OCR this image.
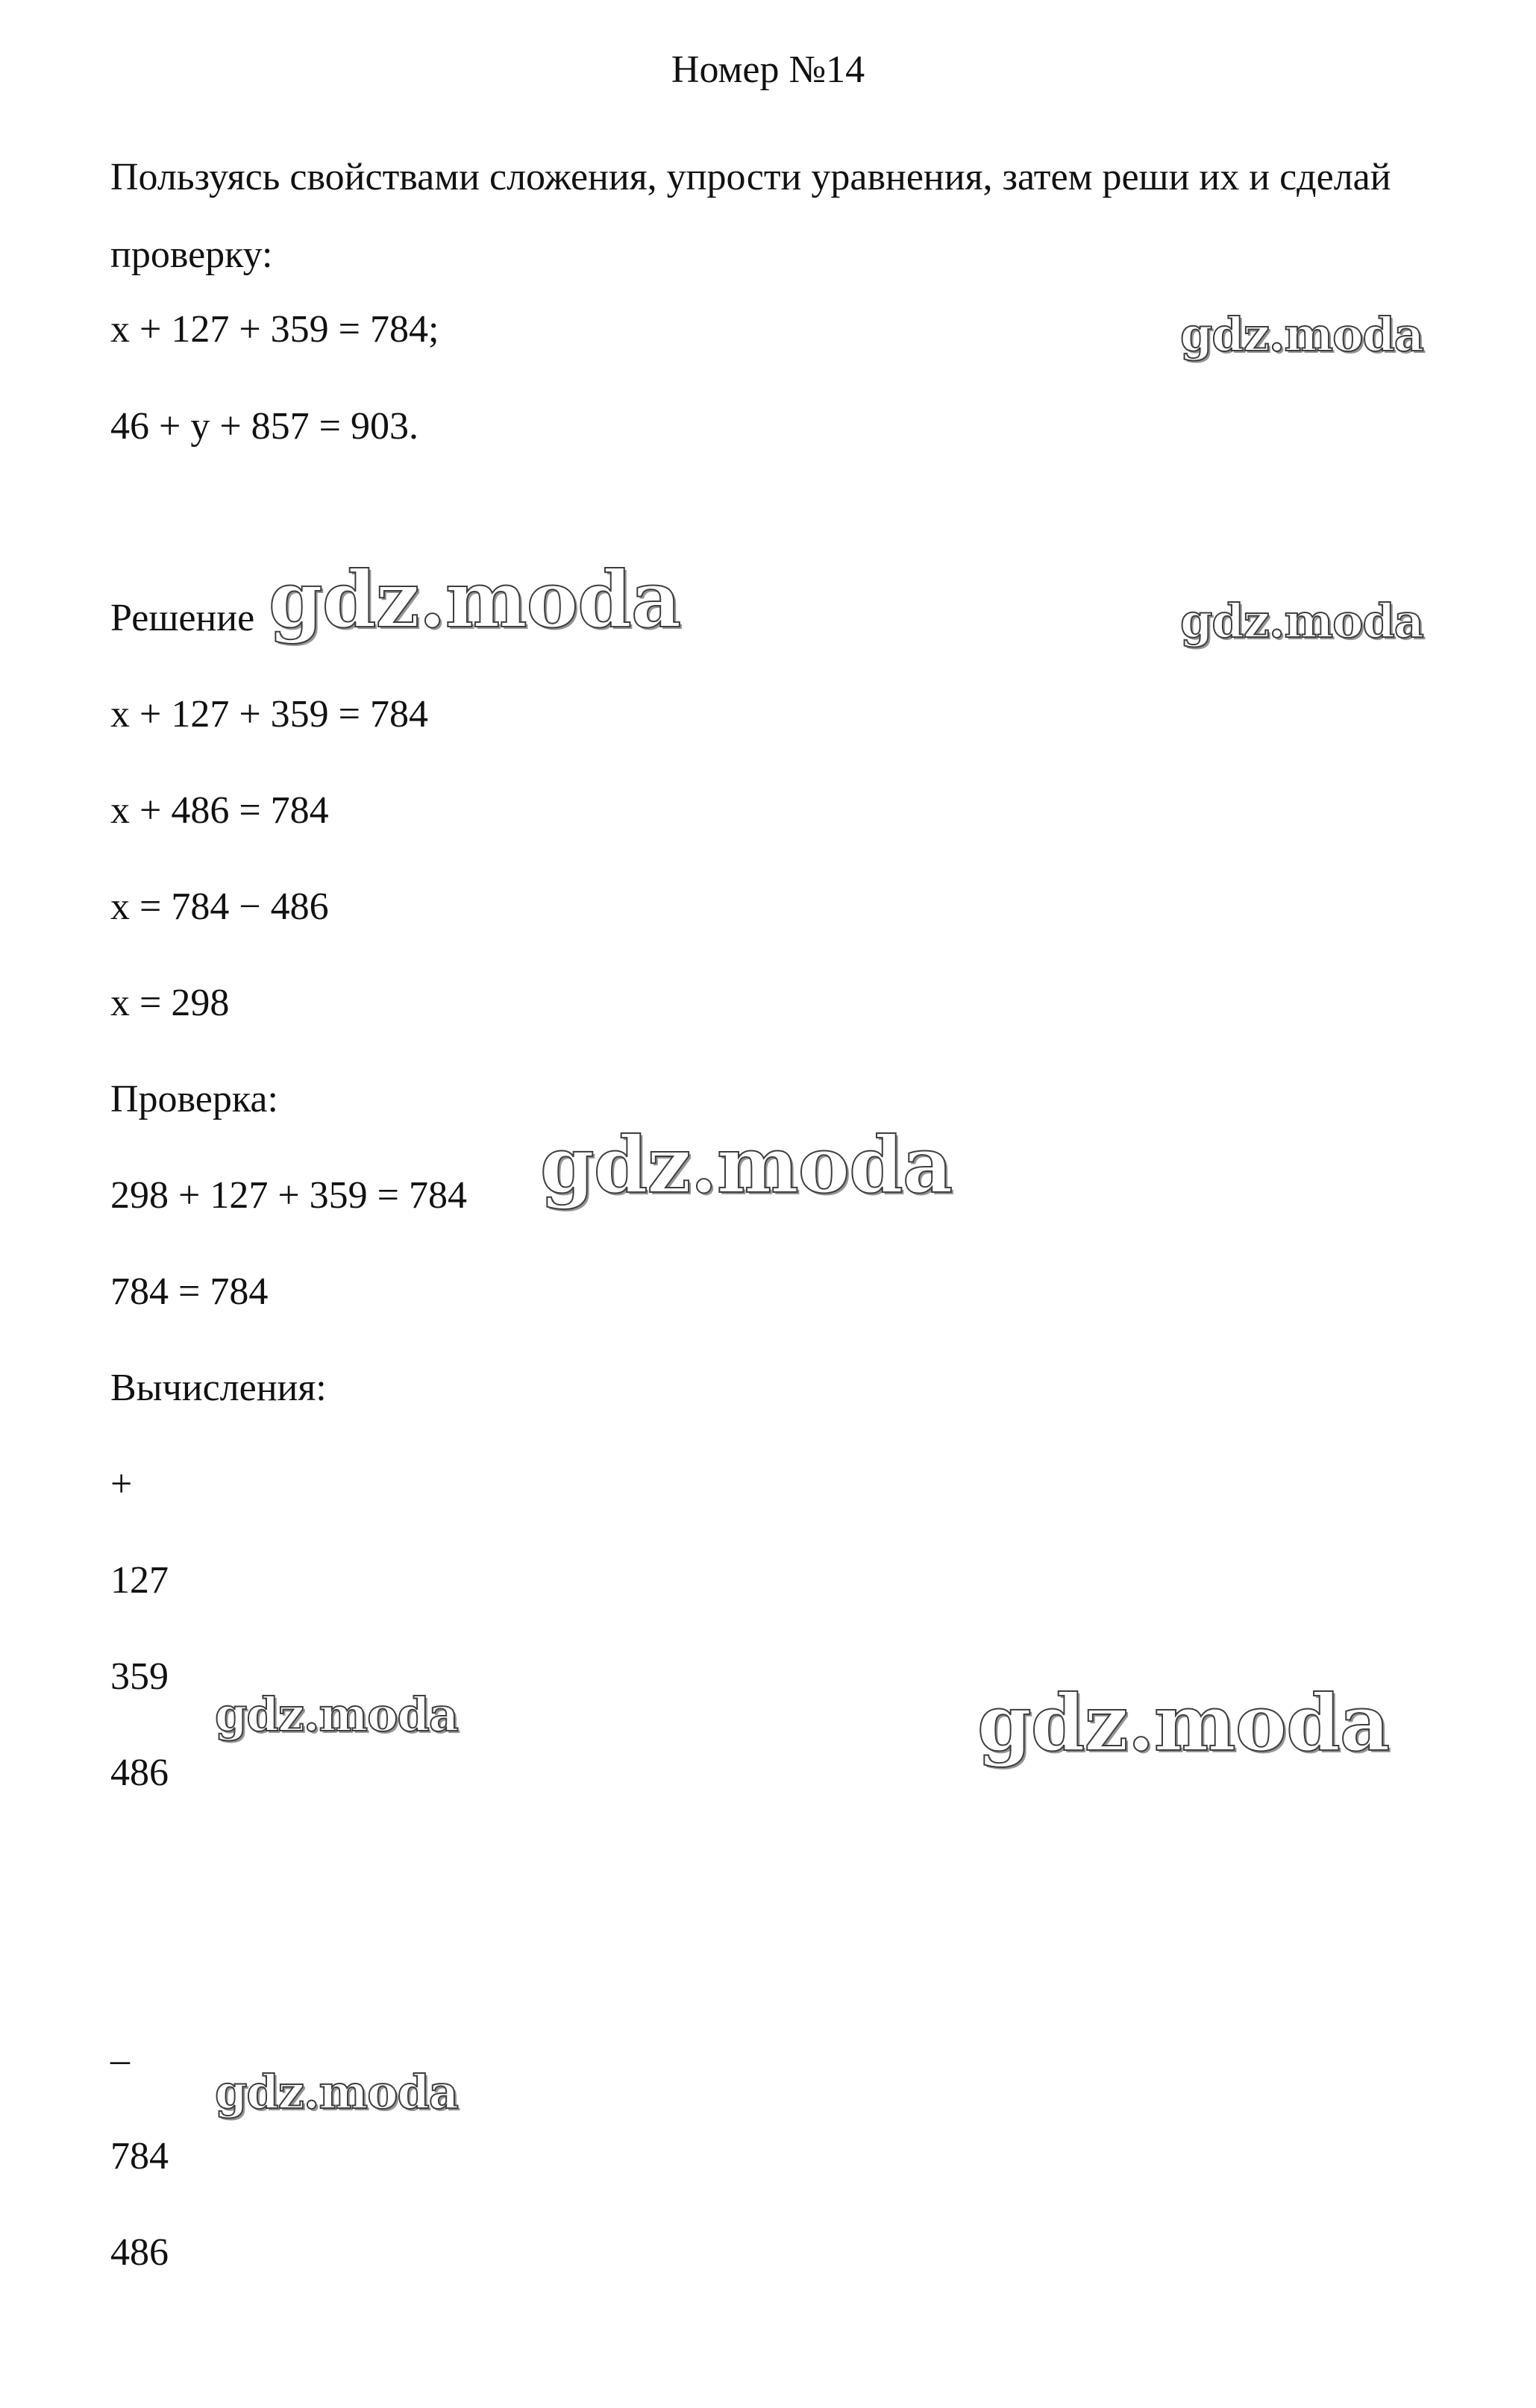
Номер №14
Пользуясь свойствами сложения, упрости уравнения, затем реши их и сделай проверку:
x + 127 + 359 = 784;
46 + y + 857 = 903.
Решение
x + 127 + 359 = 784
x + 486 = 784
x = 784 − 486
x = 298
Проверка:
298 + 127 + 359 = 784
784 = 784
Вычисления:
+
127
359
486
–
784
486
gdz.moda
gdz.moda	gdz.moda
gdz.moda
gdz.moda	gdz.moda
gdz.moda
